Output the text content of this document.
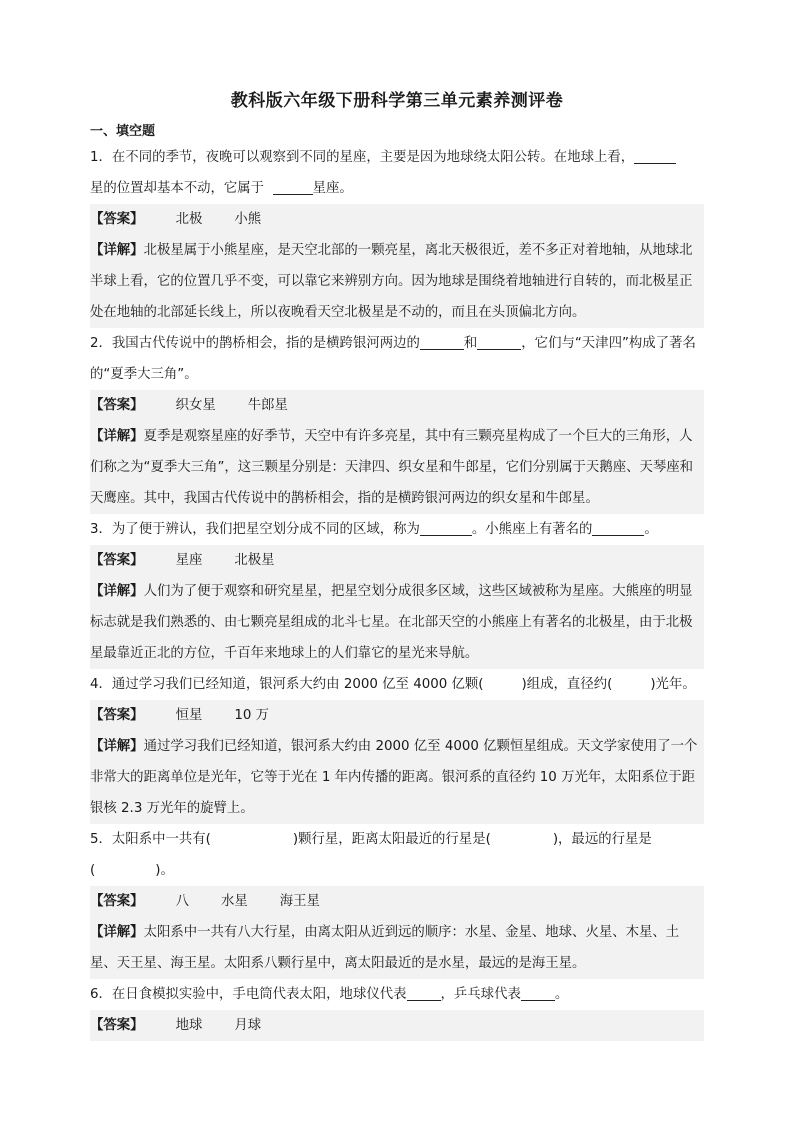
教科版六年级下册科学第三单元素养测评卷
一、填空题

1．在不同的季节，夜晚可以观察到不同的星座，主要是因为地球绕太阳公转。在地球上看，
星的位置却基本不动，它属于	星座。

【答案】 北极 小熊

【详解】北极星属于小熊星座，是天空北部的一颗亮星，离北天极很近，差不多正对着地轴，从地球北半球上看，它的位置几乎不变，可以靠它来辨别方向。因为地球是围绕着地轴进行自转的，而北极星正处在地轴的北部延长线上，所以夜晚看天空北极星是不动的，而且在头顶偏北方向。

2．我国古代传说中的鹊桥相会，指的是横跨银河两边的	和	，它们与“天津四”构成了著名的“夏季大三角”。

【答案】 织女星 牛郎星

【详解】夏季是观察星座的好季节，天空中有许多亮星，其中有三颗亮星构成了一个巨大的三角形，人们称之为“夏季大三角”，这三颗星分别是：天津四、织女星和牛郎星，它们分别属于天鹅座、天琴座和天鹰座。其中，我国古代传说中的鹊桥相会，指的是横跨银河两边的织女星和牛郎星。

3．为了便于辨认，我们把星空划分成不同的区域，称为	。小熊座上有著名的	。

【答案】 星座 北极星

【详解】人们为了便于观察和研究星星，把星空划分成很多区域，这些区域被称为星座。大熊座的明显标志就是我们熟悉的、由七颗亮星组成的北斗七星。在北部天空的小熊座上有著名的北极星，由于北极星最靠近正北的方位，千百年来地球上的人们靠它的星光来导航。

4．通过学习我们已经知道，银河系大约由 2000 亿至 4000 亿颗(	)组成，直径约(	)光年。

【答案】 恒星 10 万

【详解】通过学习我们已经知道，银河系大约由 2000 亿至 4000 亿颗恒星组成。天文学家使用了一个非常大的距离单位是光年，它等于光在 1 年内传播的距离。银河系的直径约 10 万光年，太阳系位于距银核 2.3 万光年的旋臂上。

5．太阳系中一共有(	)颗行星，距离太阳最近的行星是(	)，最远的行星是
(	)。

【答案】 八 水星 海王星

【详解】太阳系中一共有八大行星，由离太阳从近到远的顺序：水星、金星、地球、火星、木星、土星、天王星、海王星。太阳系八颗行星中，离太阳最近的是水星，最远的是海王星。

6．在日食模拟实验中，手电筒代表太阳，地球仪代表	，乒乓球代表	。

【答案】 地球 月球
